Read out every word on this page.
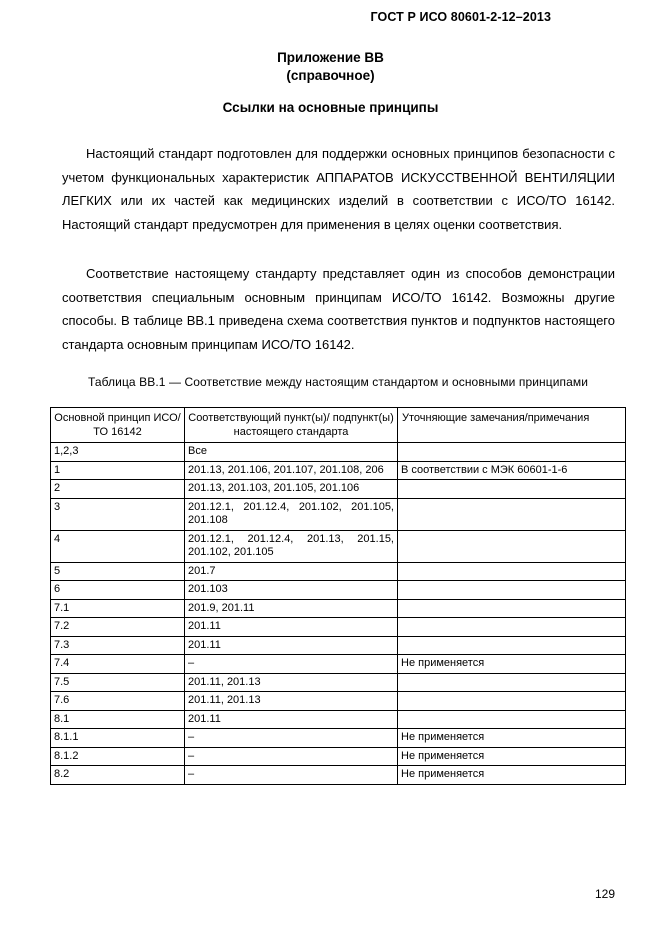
ГОСТ Р ИСО 80601-2-12–2013
Приложение ВВ
(справочное)
Ссылки на основные принципы

Настоящий стандарт подготовлен для поддержки основных принципов безопасности с учетом функциональных характеристик АППАРАТОВ ИСКУССТВЕННОЙ ВЕНТИЛЯЦИИ ЛЕГКИХ или их частей как медицинских изделий в соответствии с ИСО/ТО 16142. Настоящий стандарт предусмотрен для применения в целях оценки соответствия.

Соответствие настоящему стандарту представляет один из способов демонстрации соответствия специальным основным принципам ИСО/ТО 16142. Возможны другие способы. В таблице ВВ.1 приведена схема соответствия пунктов и подпунктов настоящего стандарта основным принципам ИСО/ТО 16142.

Таблица ВВ.1 — Соответствие между настоящим стандартом и основными принципами
Основной принцип ИСО/ТО 16142	Соответствующий пункт(ы)/ подпункт(ы) настоящего стандарта	Уточняющие замечания/примечания
1,2,3	Все	
1	201.13, 201.106, 201.107, 201.108, 206	В соответствии с МЭК 60601-1-6
2	201.13, 201.103, 201.105, 201.106	
3	201.12.1, 201.12.4, 201.102, 201.105, 201.108	
4	201.12.1, 201.12.4, 201.13, 201.15, 201.102, 201.105	
5	201.7	
6	201.103	
7.1	201.9, 201.11	
7.2	201.11	
7.3	201.11	
7.4	–	Не применяется
7.5	201.11, 201.13	
7.6	201.11, 201.13	
8.1	201.11	
8.1.1	–	Не применяется
8.1.2	–	Не применяется
8.2	–	Не применяется
129
